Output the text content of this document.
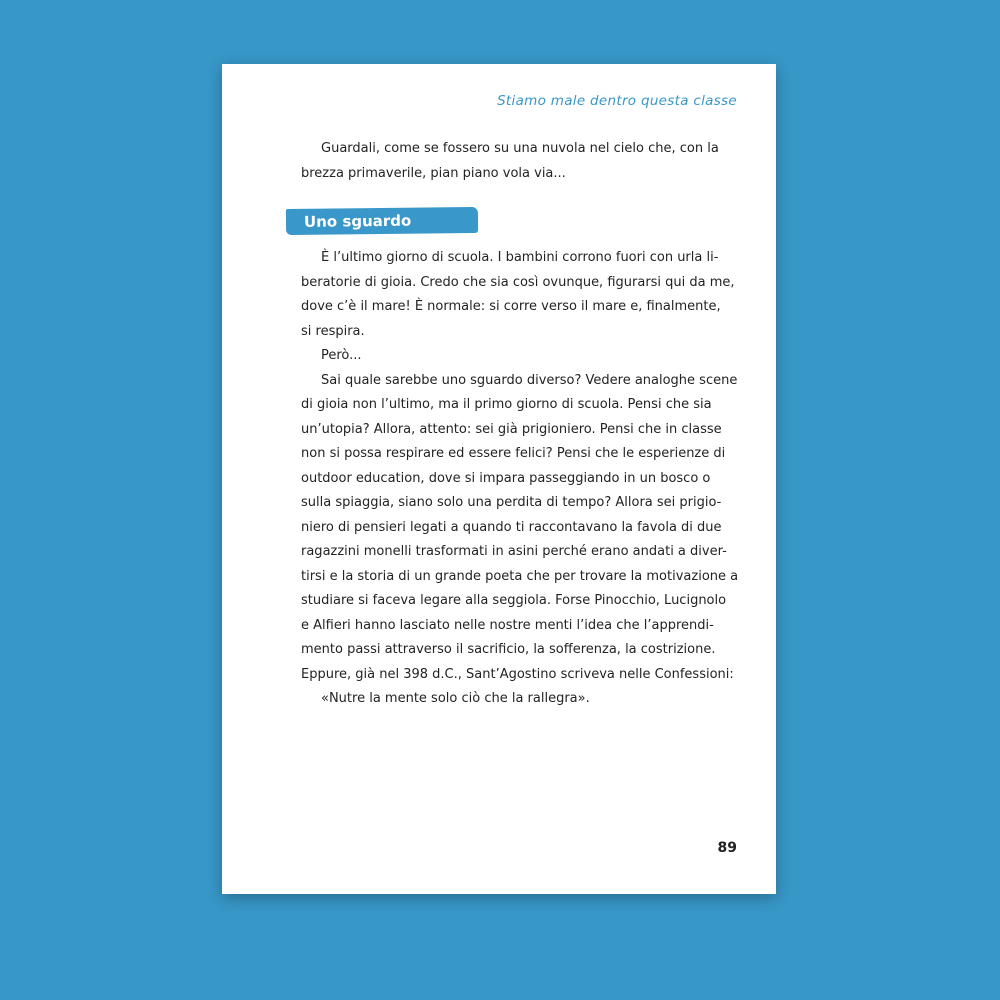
Stiamo male dentro questa classe
Guardali, come se fossero su una nuvola nel cielo che, con la
brezza primaverile, pian piano vola via...
Uno sguardo diverso
È l’ultimo giorno di scuola. I bambini corrono fuori con urla li-
beratorie di gioia. Credo che sia così ovunque, figurarsi qui da me,
dove c’è il mare! È normale: si corre verso il mare e, finalmente,
si respira.
Però...
Sai quale sarebbe uno sguardo diverso? Vedere analoghe scene
di gioia non l’ultimo, ma il primo giorno di scuola. Pensi che sia
un’utopia? Allora, attento: sei già prigioniero. Pensi che in classe
non si possa respirare ed essere felici? Pensi che le esperienze di
outdoor education, dove si impara passeggiando in un bosco o
sulla spiaggia, siano solo una perdita di tempo? Allora sei prigio-
niero di pensieri legati a quando ti raccontavano la favola di due
ragazzini monelli trasformati in asini perché erano andati a diver-
tirsi e la storia di un grande poeta che per trovare la motivazione a
studiare si faceva legare alla seggiola. Forse Pinocchio, Lucignolo
e Alfieri hanno lasciato nelle nostre menti l’idea che l’apprendi-
mento passi attraverso il sacrificio, la sofferenza, la costrizione.
Eppure, già nel 398 d.C., Sant’Agostino scriveva nelle Confessioni:
«Nutre la mente solo ciò che la rallegra».
89
